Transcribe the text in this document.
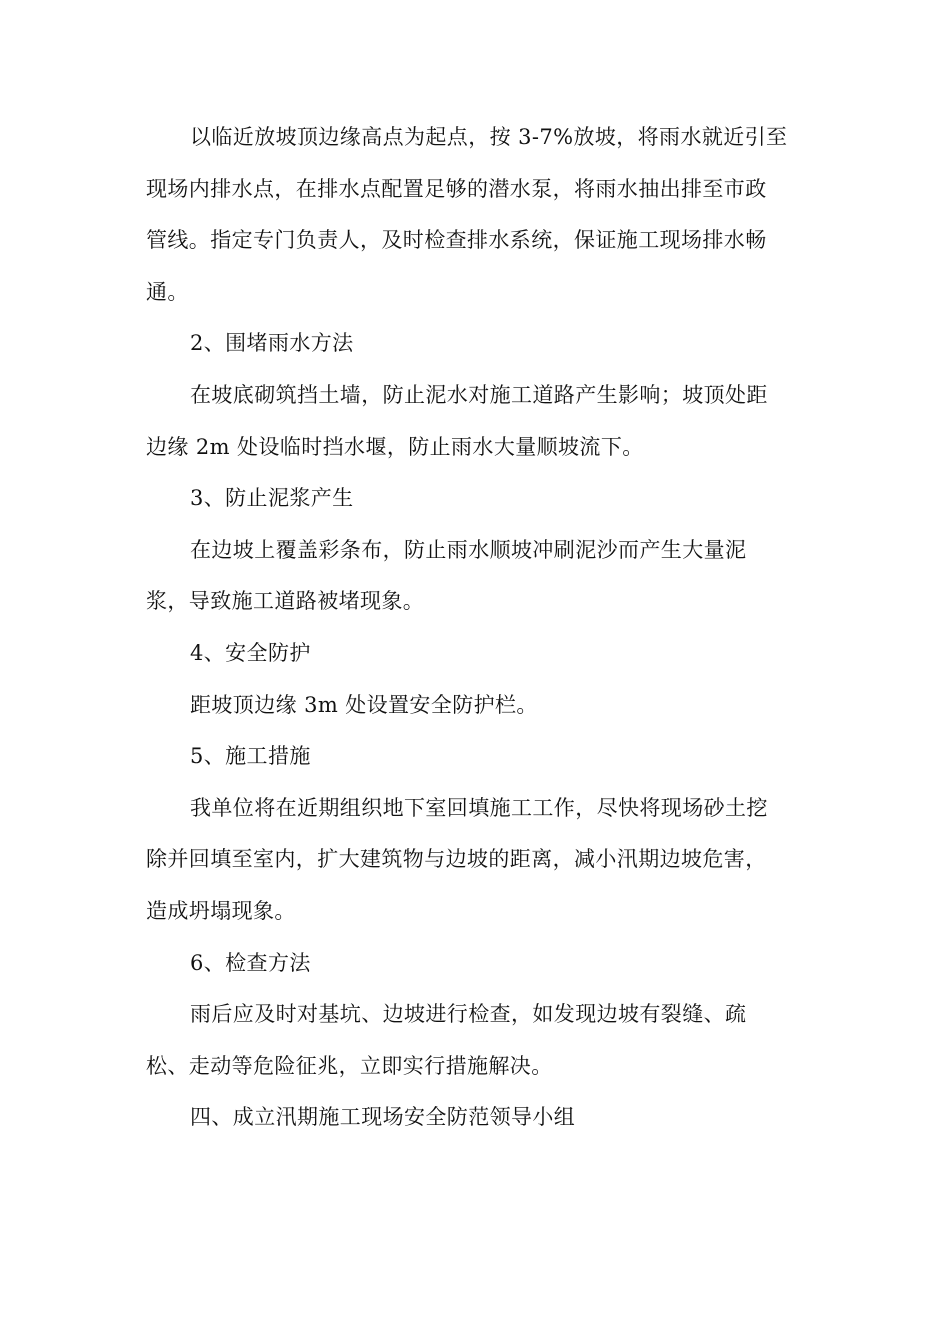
以临近放坡顶边缘高点为起点，按 3-7%放坡，将雨水就近引至
现场内排水点，在排水点配置足够的潜水泵，将雨水抽出排至市政
管线。指定专门负责人，及时检查排水系统，保证施工现场排水畅
通。
2、围堵雨水方法
在坡底砌筑挡土墙，防止泥水对施工道路产生影响；坡顶处距
边缘 2m 处设临时挡水堰，防止雨水大量顺坡流下。
3、防止泥浆产生
在边坡上覆盖彩条布，防止雨水顺坡冲刷泥沙而产生大量泥
浆，导致施工道路被堵现象。
4、安全防护
距坡顶边缘 3m 处设置安全防护栏。
5、施工措施
我单位将在近期组织地下室回填施工工作，尽快将现场砂土挖
除并回填至室内，扩大建筑物与边坡的距离，减小汛期边坡危害，
造成坍塌现象。
6、检查方法
雨后应及时对基坑、边坡进行检查，如发现边坡有裂缝、疏
松、走动等危险征兆，立即实行措施解决。
四、成立汛期施工现场安全防范领导小组
